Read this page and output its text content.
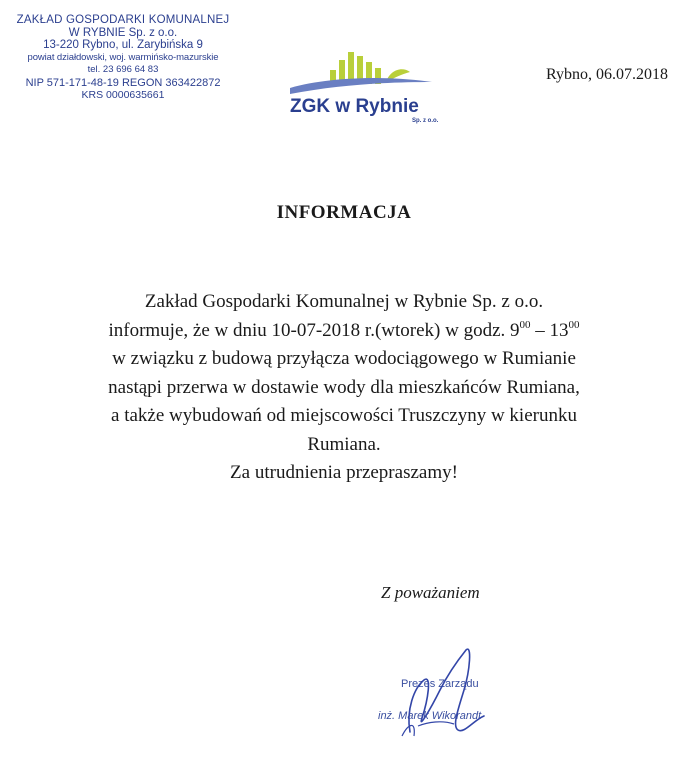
ZAKŁAD GOSPODARKI KOMUNALNEJ
W RYBNIE Sp. z o.o.
13-220 Rybno, ul. Zarybińska 9
powiat działdowski, woj. warmińsko-mazurskie
tel. 23 696 64 83
NIP 571-171-48-19 REGON 363422872
KRS 0000635661
ZGK w Rybnie
Sp. z o.o.
Rybno, 06.07.2018
INFORMACJA
Zakład Gospodarki Komunalnej w Rybnie Sp. z o.o.
informuje, że w dniu 10-07-2018 r.(wtorek) w godz. $9^{00} - 13^{00}$
w związku z budową przyłącza wodociągowego w Rumianie
nastąpi przerwa w dostawie wody dla mieszkańców Rumiana,
a także wybudowań od miejscowości Truszczyny w kierunku
Rumiana.
Za utrudnienia przepraszamy!
Z poważaniem
Prezes Zarządu
inż. Marek Wikorandt
